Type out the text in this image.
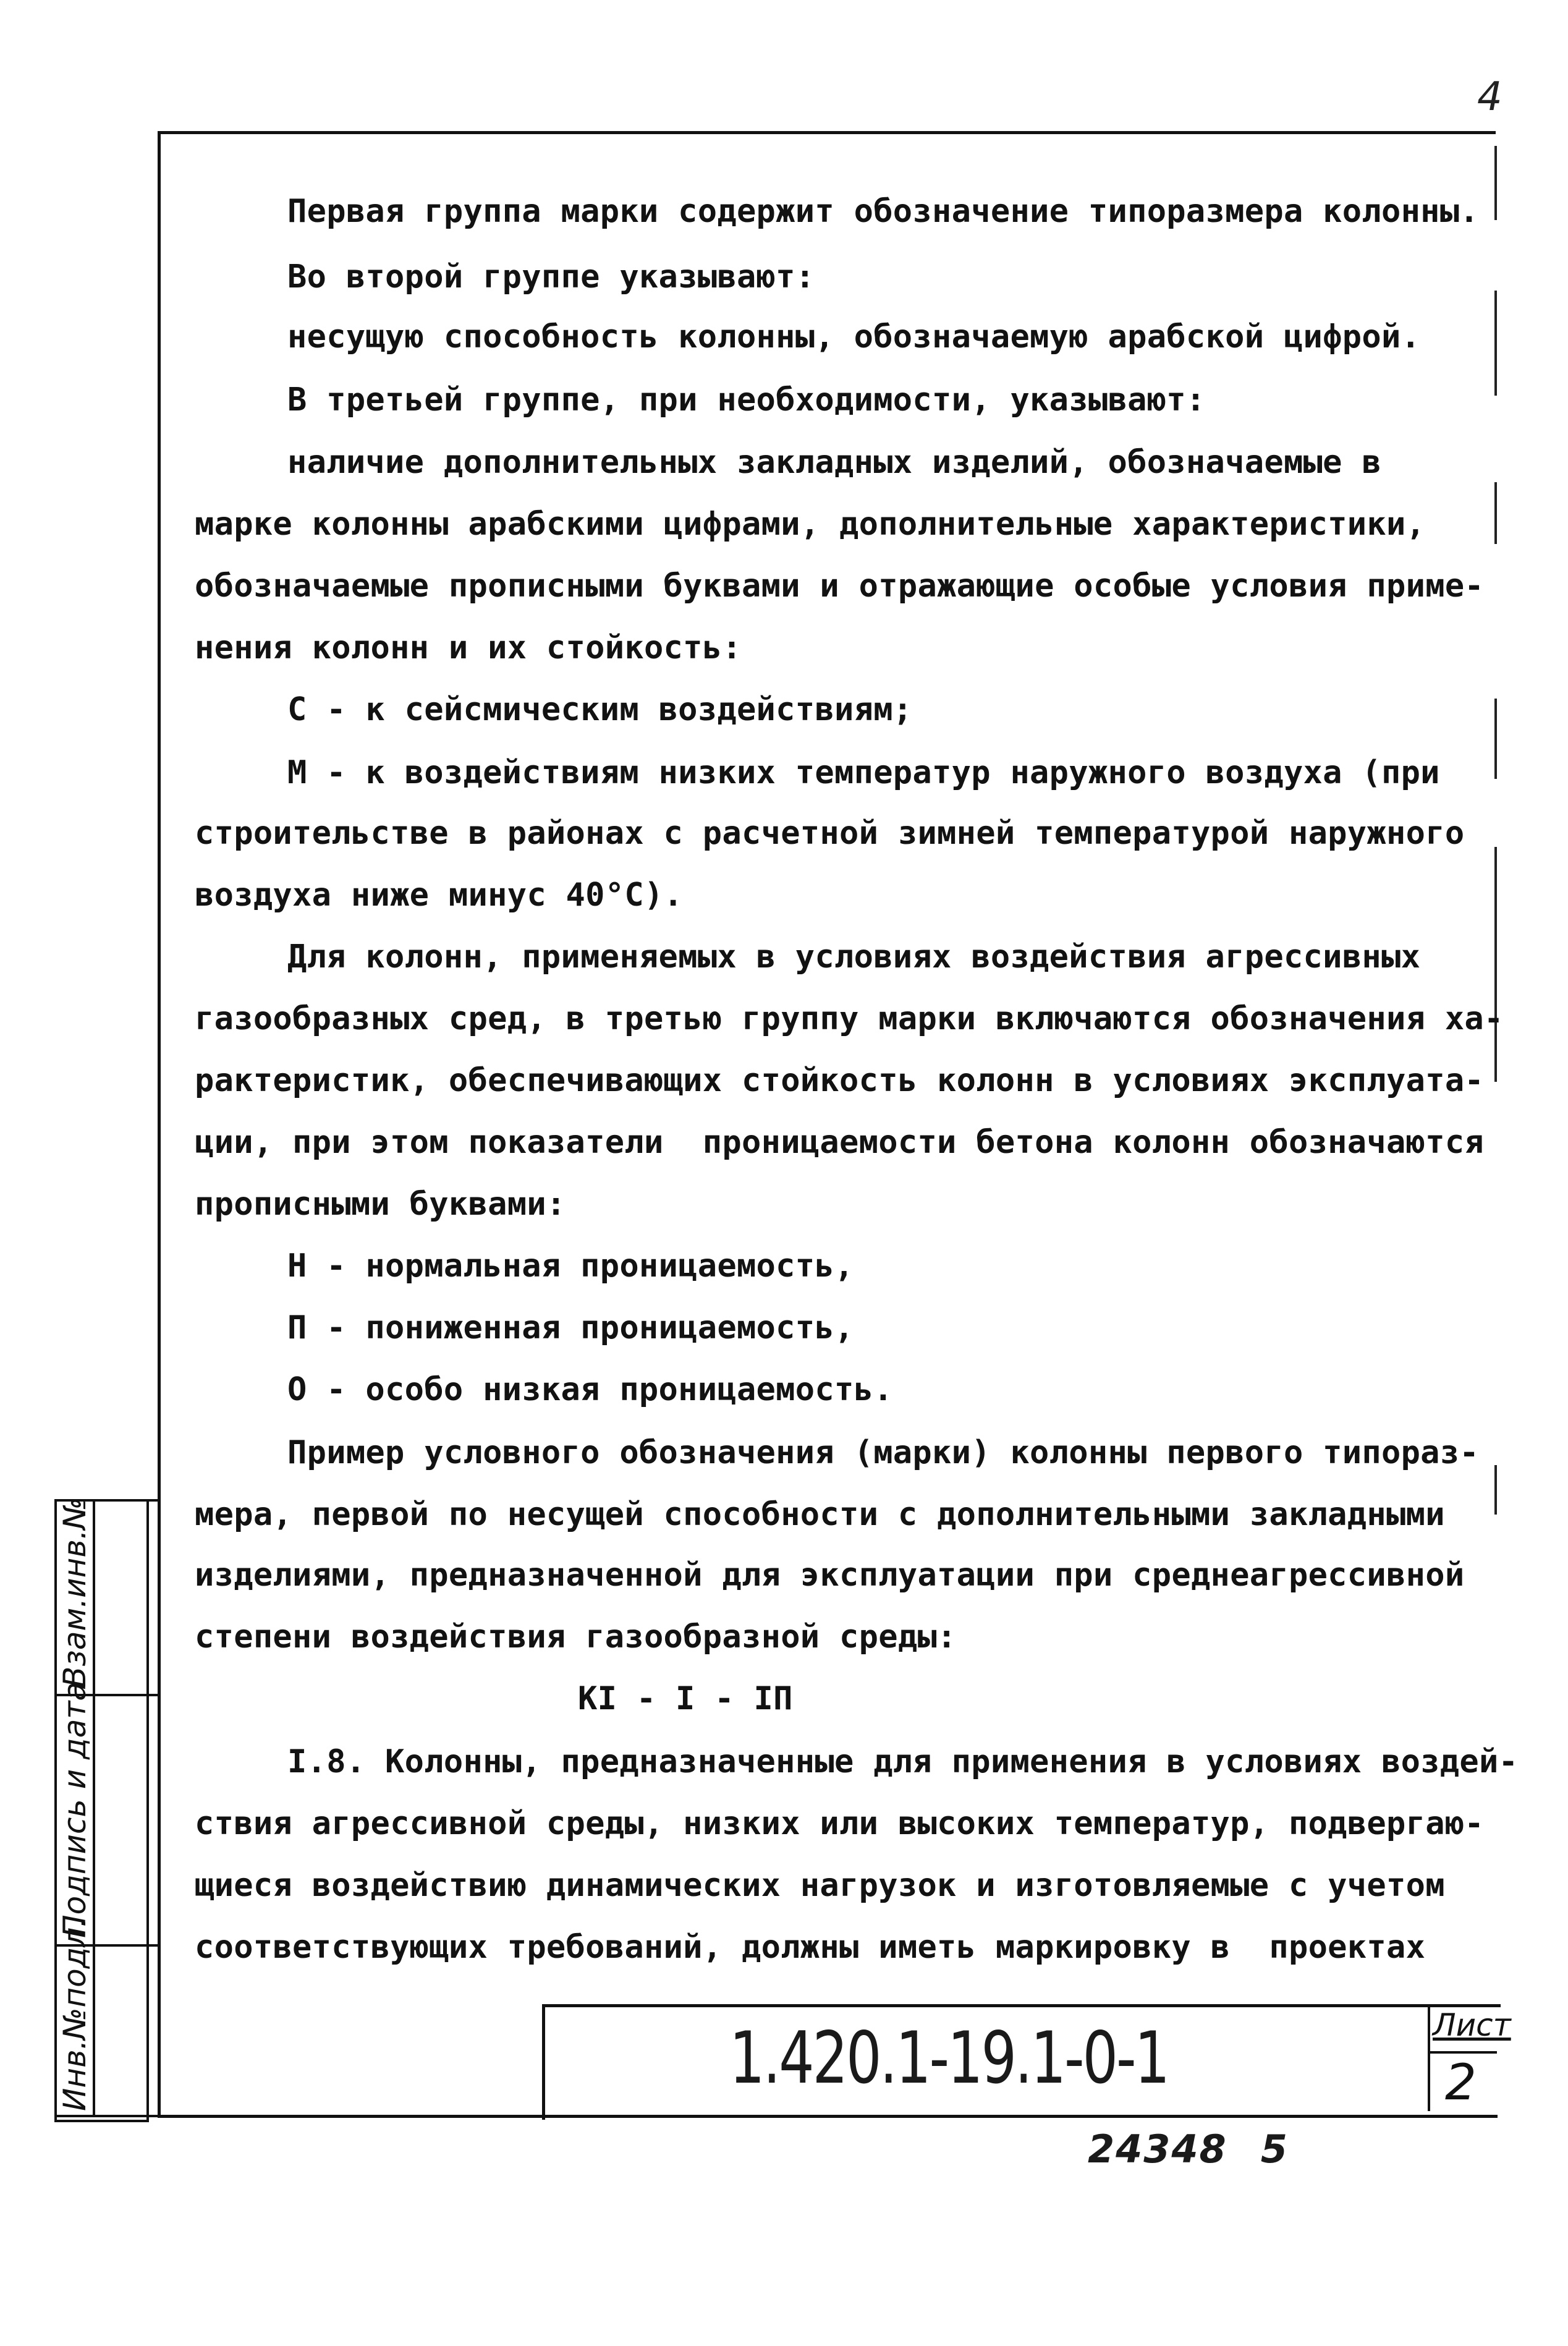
4
Первая группа марки содержит обозначение типоразмера колонны.
Во второй группе указывают:
несущую способность колонны, обозначаемую арабской цифрой.
В третьей группе, при необходимости, указывают:
наличие дополнительных закладных изделий, обозначаемые в
марке колонны арабскими цифрами, дополнительные характеристики,
обозначаемые прописными буквами и отражающие особые условия приме-
нения колонн и их стойкость:
С - к сейсмическим воздействиям;
М - к воздействиям низких температур наружного воздуха (при
строительстве в районах с расчетной зимней температурой наружного
воздуха ниже минус 40°С).
Для колонн, применяемых в условиях воздействия агрессивных
газообразных сред, в третью группу марки включаются обозначения ха-
рактеристик, обеспечивающих стойкость колонн в условиях эксплуата-
ции, при этом показатели  проницаемости бетона колонн обозначаются
прописными буквами:
Н - нормальная проницаемость,
П - пониженная проницаемость,
О - особо низкая проницаемость.
Пример условного обозначения (марки) колонны первого типораз-
мера, первой по несущей способности с дополнительными закладными
изделиями, предназначенной для эксплуатации при среднеагрессивной
степени воздействия газообразной среды:
КI - I - IП
I.8. Колонны, предназначенные для применения в условиях воздей-
ствия агрессивной среды, низких или высоких температур, подвергаю-
щиеся воздействию динамических нагрузок и изготовляемые с учетом
соответствующих требований, должны иметь маркировку в  проектах
Взам.инв.№
Подпись и дата
Инв.№подл.	1.420.1-19.1-0-1	Лист
2
24348 5
